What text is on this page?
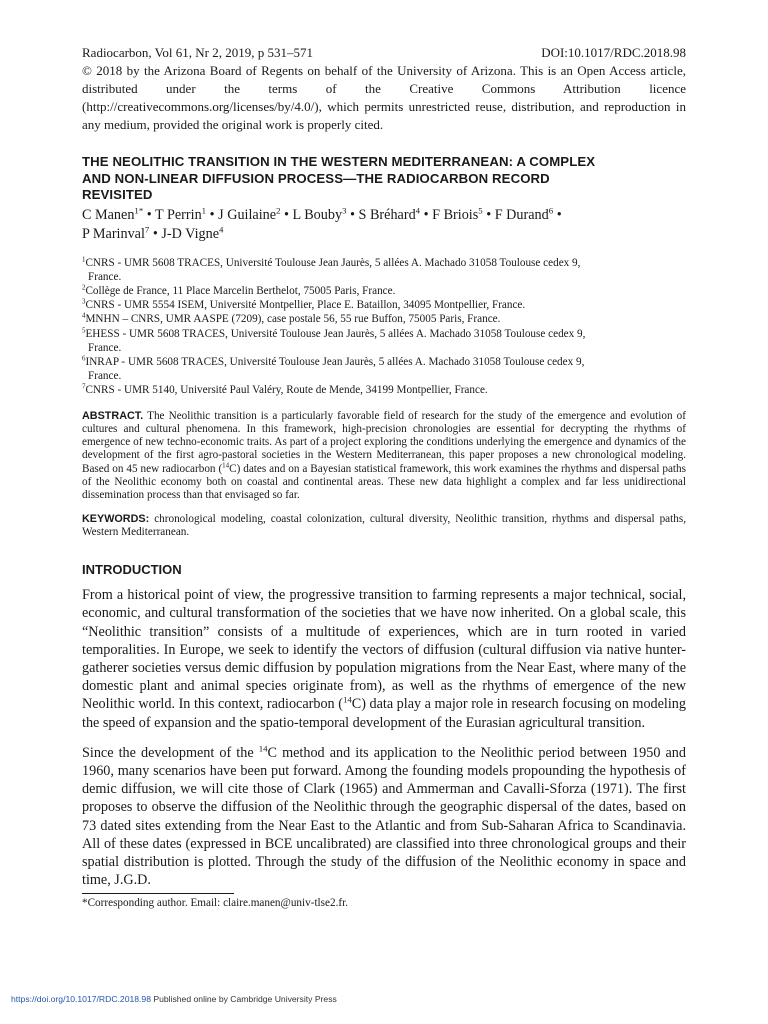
Radiocarbon, Vol 61, Nr 2, 2019, p 531–571	DOI:10.1017/RDC.2018.98
© 2018 by the Arizona Board of Regents on behalf of the University of Arizona. This is an Open Access article, distributed under the terms of the Creative Commons Attribution licence (http://creativecommons.org/licenses/by/4.0/), which permits unrestricted reuse, distribution, and reproduction in any medium, provided the original work is properly cited.
THE NEOLITHIC TRANSITION IN THE WESTERN MEDITERRANEAN: A COMPLEX
AND NON-LINEAR DIFFUSION PROCESS—THE RADIOCARBON RECORD
REVISITED
C Manen$^{1*}$ • T Perrin$^1$ • J Guilaine$^2$ • L Bouby$^3$ • S Bréhard$^4$ • F Briois$^5$ • F Durand$^6$ •
P Marinval$^7$ • J-D Vigne$^4$
$^1$CNRS - UMR 5608 TRACES, Université Toulouse Jean Jaurès, 5 allées A. Machado 31058 Toulouse cedex 9,
France.
$^2$Collège de France, 11 Place Marcelin Berthelot, 75005 Paris, France.
$^3$CNRS - UMR 5554 ISEM, Université Montpellier, Place E. Bataillon, 34095 Montpellier, France.
$^4$MNHN – CNRS, UMR AASPE (7209), case postale 56, 55 rue Buffon, 75005 Paris, France.
$^5$EHESS - UMR 5608 TRACES, Université Toulouse Jean Jaurès, 5 allées A. Machado 31058 Toulouse cedex 9,
France.
$^6$INRAP - UMR 5608 TRACES, Université Toulouse Jean Jaurès, 5 allées A. Machado 31058 Toulouse cedex 9,
France.
$^7$CNRS - UMR 5140, Université Paul Valéry, Route de Mende, 34199 Montpellier, France.
ABSTRACT. The Neolithic transition is a particularly favorable field of research for the study of the emergence and evolution of cultures and cultural phenomena. In this framework, high-precision chronologies are essential for decrypting the rhythms of emergence of new techno-economic traits. As part of a project exploring the conditions underlying the emergence and dynamics of the development of the first agro-pastoral societies in the Western Mediterranean, this paper proposes a new chronological modeling. Based on 45 new radiocarbon ($^{14}$C) dates and on a Bayesian statistical framework, this work examines the rhythms and dispersal paths of the Neolithic economy both on coastal and continental areas. These new data highlight a complex and far less unidirectional dissemination process than that envisaged so far.
KEYWORDS: chronological modeling, coastal colonization, cultural diversity, Neolithic transition, rhythms and dispersal paths, Western Mediterranean.
INTRODUCTION
From a historical point of view, the progressive transition to farming represents a major technical, social, economic, and cultural transformation of the societies that we have now inherited. On a global scale, this “Neolithic transition” consists of a multitude of experiences, which are in turn rooted in varied temporalities. In Europe, we seek to identify the vectors of diffusion (cultural diffusion via native hunter-gatherer societies versus demic diffusion by population migrations from the Near East, where many of the domestic plant and animal species originate from), as well as the rhythms of emergence of the new Neolithic world. In this context, radiocarbon ($^{14}$C) data play a major role in research focusing on modeling the speed of expansion and the spatio-temporal development of the Eurasian agricultural transition.
Since the development of the $^{14}$C method and its application to the Neolithic period between 1950 and 1960, many scenarios have been put forward. Among the founding models propounding the hypothesis of demic diffusion, we will cite those of Clark (1965) and Ammerman and Cavalli-Sforza (1971). The first proposes to observe the diffusion of the Neolithic through the geographic dispersal of the dates, based on 73 dated sites extending from the Near East to the Atlantic and from Sub-Saharan Africa to Scandinavia. All of these dates (expressed in BCE uncalibrated) are classified into three chronological groups and their spatial distribution is plotted. Through the study of the diffusion of the Neolithic economy in space and time, J.G.D.
*Corresponding author. Email: claire.manen@univ-tlse2.fr.
https://doi.org/10.1017/RDC.2018.98 Published online by Cambridge University Press
